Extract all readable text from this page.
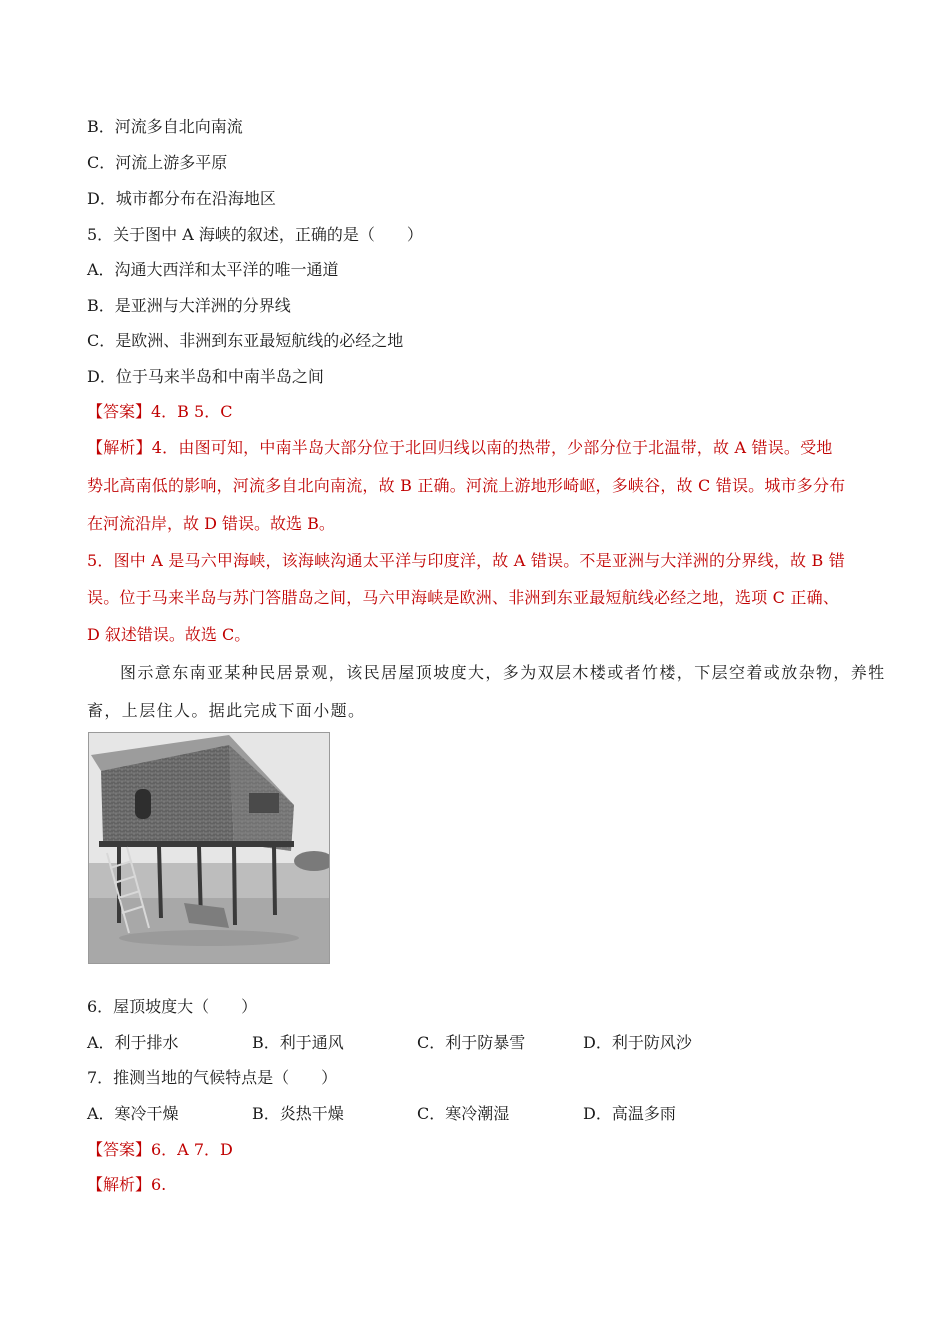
B．河流多自北向南流
C．河流上游多平原
D．城市都分布在沿海地区
5．关于图中 A 海峡的叙述，正确的是（　　）
A．沟通大西洋和太平洋的唯一通道
B．是亚洲与大洋洲的分界线
C．是欧洲、非洲到东亚最短航线的必经之地
D．位于马来半岛和中南半岛之间
【答案】4．B 5．C
【解析】4．由图可知，中南半岛大部分位于北回归线以南的热带，少部分位于北温带，故 A 错误。受地
势北高南低的影响，河流多自北向南流，故 B 正确。河流上游地形崎岖，多峡谷，故 C 错误。城市多分布
在河流沿岸，故 D 错误。故选 B。
5．图中 A 是马六甲海峡，该海峡沟通太平洋与印度洋，故 A 错误。不是亚洲与大洋洲的分界线，故 B 错
误。位于马来半岛与苏门答腊岛之间，马六甲海峡是欧洲、非洲到东亚最短航线必经之地，选项 C 正确、
D 叙述错误。故选 C。
图示意东南亚某种民居景观，该民居屋顶坡度大，多为双层木楼或者竹楼，下层空着或放杂物，养牲
畜，上层住人。据此完成下面小题。
6．屋顶坡度大（　　）
A．利于排水	B．利于通风	C．利于防暴雪	D．利于防风沙
7．推测当地的气候特点是（　　）
A．寒冷干燥	B．炎热干燥	C．寒冷潮湿	D．高温多雨
【答案】6．A 7．D
【解析】6.
